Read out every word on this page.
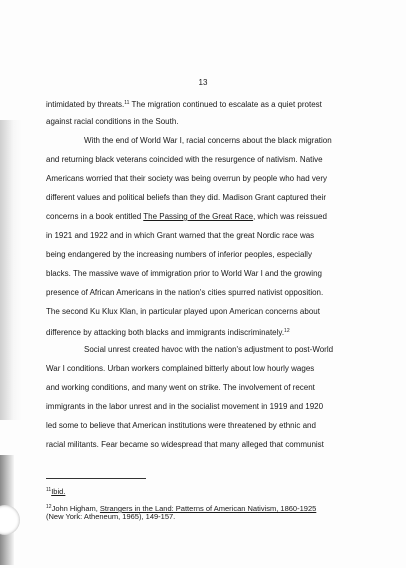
13
intimidated by threats.$^{11}$ The migration continued to escalate as a quiet protest
against racial conditions in the South.
With the end of World War I, racial concerns about the black migration
and returning black veterans coincided with the resurgence of nativism. Native
Americans worried that their society was being overrun by people who had very
different values and political beliefs than they did. Madison Grant captured their
concerns in a book entitled The Passing of the Great Race, which was reissued
in 1921 and 1922 and in which Grant warned that the great Nordic race was
being endangered by the increasing numbers of inferior peoples, especially
blacks. The massive wave of immigration prior to World War I and the growing
presence of African Americans in the nation's cities spurred nativist opposition.
The second Ku Klux Klan, in particular played upon American concerns about
difference by attacking both blacks and immigrants indiscriminately.$^{12}$
Social unrest created havoc with the nation's adjustment to post-World
War I conditions. Urban workers complained bitterly about low hourly wages
and working conditions, and many went on strike. The involvement of recent
immigrants in the labor unrest and in the socialist movement in 1919 and 1920
led some to believe that American institutions were threatened by ethnic and
racial militants. Fear became so widespread that many alleged that communist
$^{11}$Ibid.
$^{12}$John Higham, Strangers in the Land: Patterns of American Nativism, 1860-1925
(New York: Atheneum, 1965), 149-157.
